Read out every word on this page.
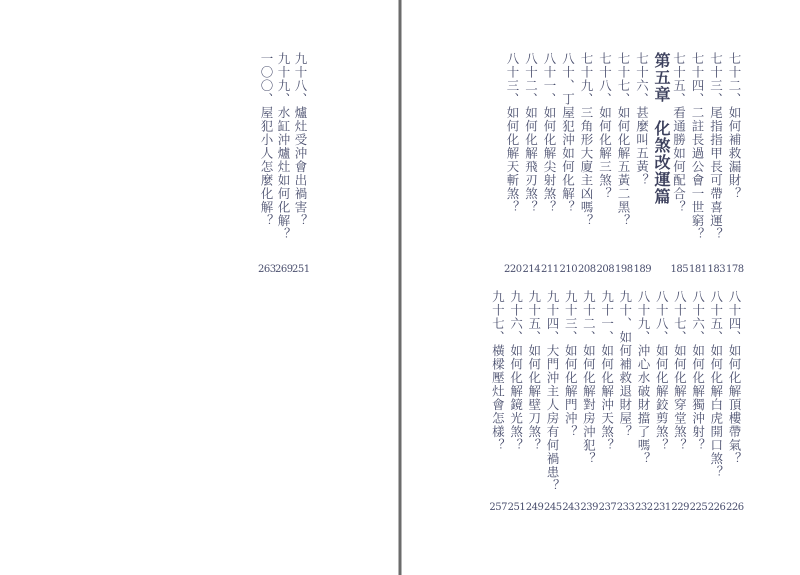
九十八、爐灶受沖會出禍害？
251
九十九、水缸沖爐灶如何化解？
269
一〇〇、屋犯小人怎麼化解？
263
七十二、如何補救漏財？
178
七十三、尾指指甲長可帶喜運？
183
七十四、二註長過公會一世窮？
181
七十五、看通勝如何配合？
185
第五章　化煞改運篇
七十六、甚麼叫五黃？
189
七十七、如何化解五黃二黑？
198
七十八、如何化解三煞？
208
七十九、三角形大廈主凶嗎？
208
八十、丁屋犯沖如何化解？
210
八十一、如何化解尖射煞？
211
八十二、如何化解飛刃煞？
214
八十三、如何化解天斬煞？
220
八十四、如何化解頂樓帶氣？
226
八十五、如何化解白虎開口煞？
226
八十六、如何化解獨沖射？
225
八十七、如何化解穿堂煞？
229
八十八、如何化解鉸剪煞？
231
八十九、沖心水破財擋了嗎？
232
九十、如何補救退財屋？
233
九十一、如何化解沖天煞？
237
九十二、如何化解對房沖犯？
239
九十三、如何化解門沖？
243
九十四、大門沖主人房有何禍患？
245
九十五、如何化解壁刀煞？
249
九十六、如何化解鏡光煞？
251
九十七、橫樑壓灶會怎樣？
257
